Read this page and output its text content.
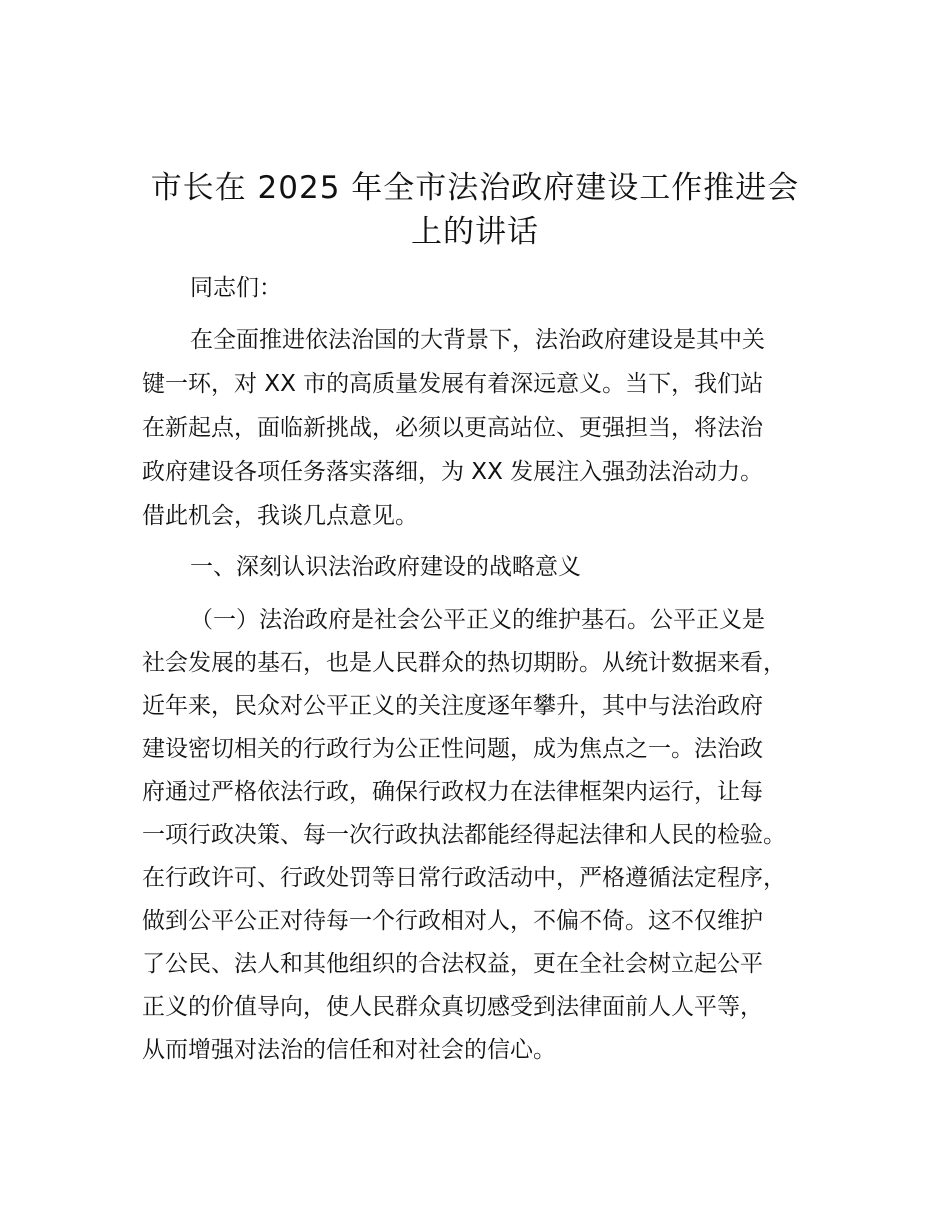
市长在 2025 年全市法治政府建设工作推进会
上的讲话

同志们：

在全面推进依法治国的大背景下，法治政府建设是其中关

键一环，对 XX 市的高质量发展有着深远意义。当下，我们站

在新起点，面临新挑战，必须以更高站位、更强担当，将法治

政府建设各项任务落实落细，为 XX 发展注入强劲法治动力。

借此机会，我谈几点意见。

一、深刻认识法治政府建设的战略意义

（一）法治政府是社会公平正义的维护基石。公平正义是

社会发展的基石，也是人民群众的热切期盼。从统计数据来看，

近年来，民众对公平正义的关注度逐年攀升，其中与法治政府

建设密切相关的行政行为公正性问题，成为焦点之一。法治政

府通过严格依法行政，确保行政权力在法律框架内运行，让每

一项行政决策、每一次行政执法都能经得起法律和人民的检验。

在行政许可、行政处罚等日常行政活动中，严格遵循法定程序，

做到公平公正对待每一个行政相对人，不偏不倚。这不仅维护

了公民、法人和其他组织的合法权益，更在全社会树立起公平

正义的价值导向，使人民群众真切感受到法律面前人人平等，

从而增强对法治的信任和对社会的信心。
